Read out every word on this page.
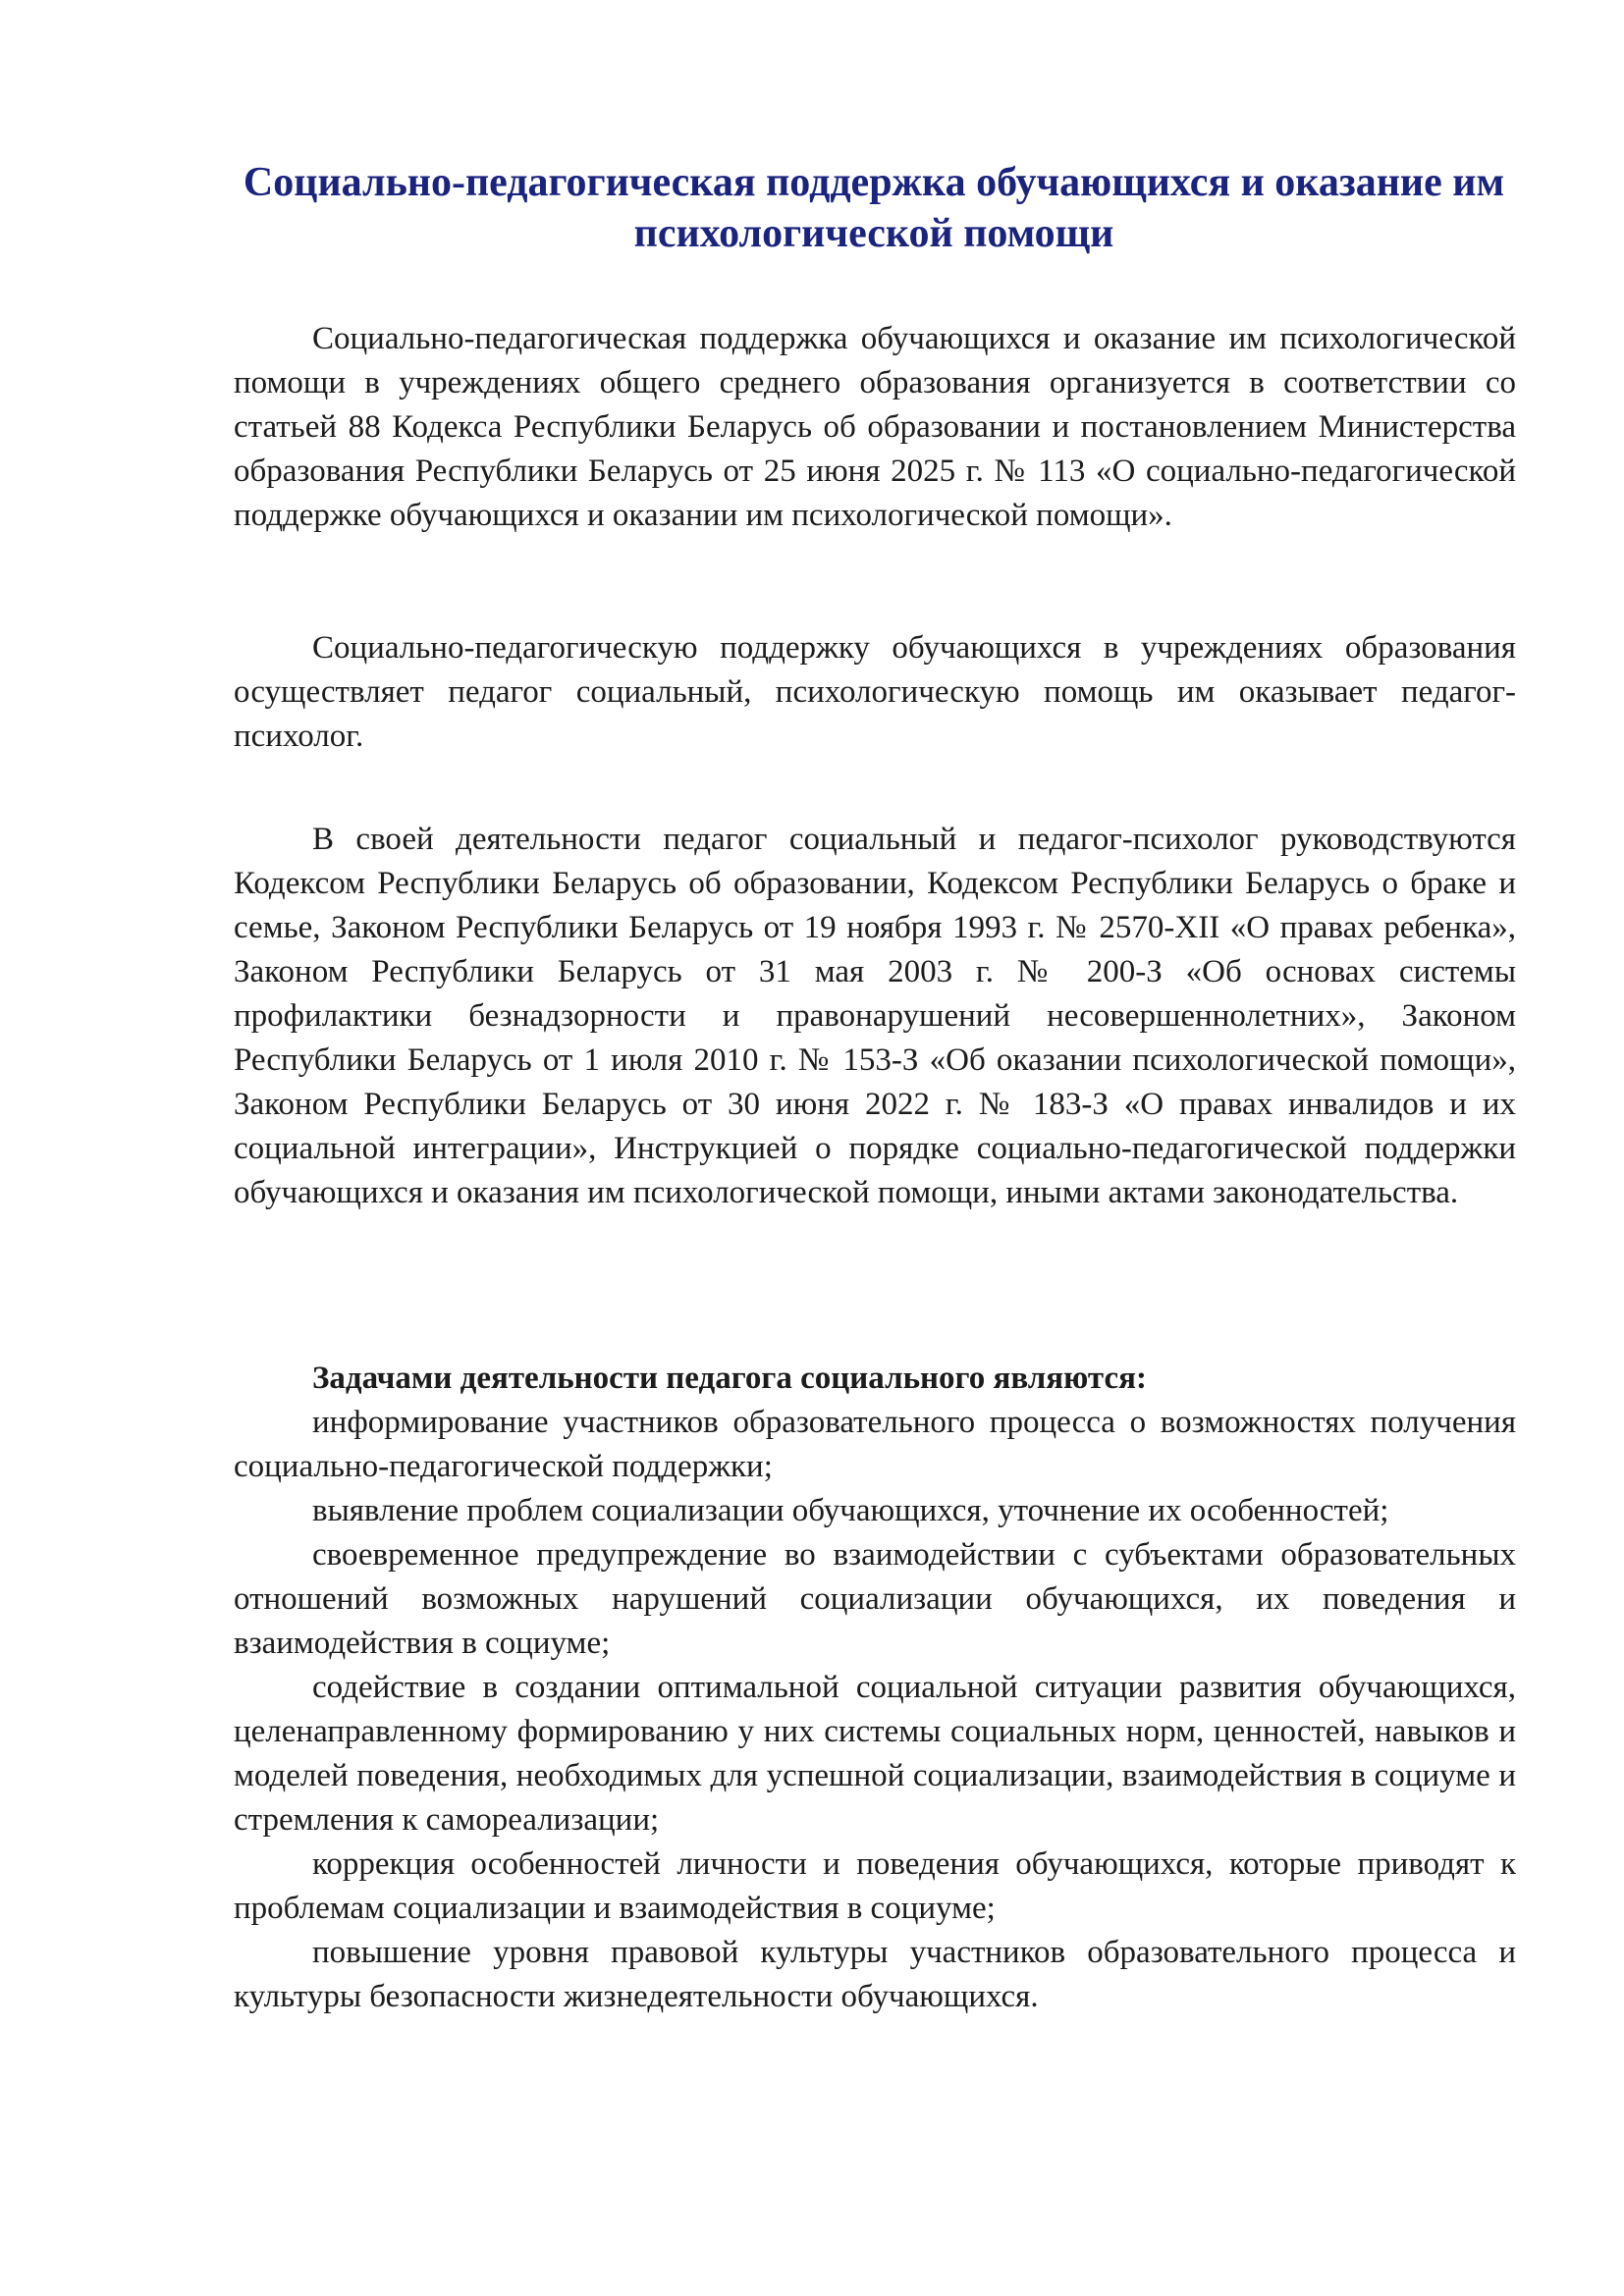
Социально-педагогическая поддержка обучающихся и оказание им психологической помощи

Социально-педагогическая поддержка обучающихся и оказание им психологической помощи в учреждениях общего среднего образования организуется в соответствии со статьей 88 Кодекса Республики Беларусь об образовании и постановлением Министерства образования Республики Беларусь от 25 июня 2025 г. № 113 «О социально-педагогической поддержке обучающихся и оказании им психологической помощи».

Социально-педагогическую поддержку обучающихся в учреждениях образования осуществляет педагог социальный, психологическую помощь им оказывает педагог-психолог.

В своей деятельности педагог социальный и педагог-психолог руководствуются Кодексом Республики Беларусь об образовании, Кодексом Республики Беларусь о браке и семье, Законом Республики Беларусь от 19 ноября 1993 г. № 2570-XII «О правах ребенка», Законом Республики Беларусь от 31 мая 2003 г. № 200-З «Об основах системы профилактики безнадзорности и правонарушений несовершеннолетних», Законом Республики Беларусь от 1 июля 2010 г. № 153-З «Об оказании психологической помощи», Законом Республики Беларусь от 30 июня 2022 г. № 183-З «О правах инвалидов и их социальной интеграции», Инструкцией о порядке социально-педагогической поддержки обучающихся и оказания им психологической помощи, иными актами законодательства.

Задачами деятельности педагога социального являются:

информирование участников образовательного процесса о возможностях получения социально-педагогической поддержки;

выявление проблем социализации обучающихся, уточнение их особенностей;

своевременное предупреждение во взаимодействии с субъектами образовательных отношений возможных нарушений социализации обучающихся, их поведения и взаимодействия в социуме;

содействие в создании оптимальной социальной ситуации развития обучающихся, целенаправленному формированию у них системы социальных норм, ценностей, навыков и моделей поведения, необходимых для успешной социализации, взаимодействия в социуме и стремления к самореализации;

коррекция особенностей личности и поведения обучающихся, которые приводят к проблемам социализации и взаимодействия в социуме;

повышение уровня правовой культуры участников образовательного процесса и культуры безопасности жизнедеятельности обучающихся.
